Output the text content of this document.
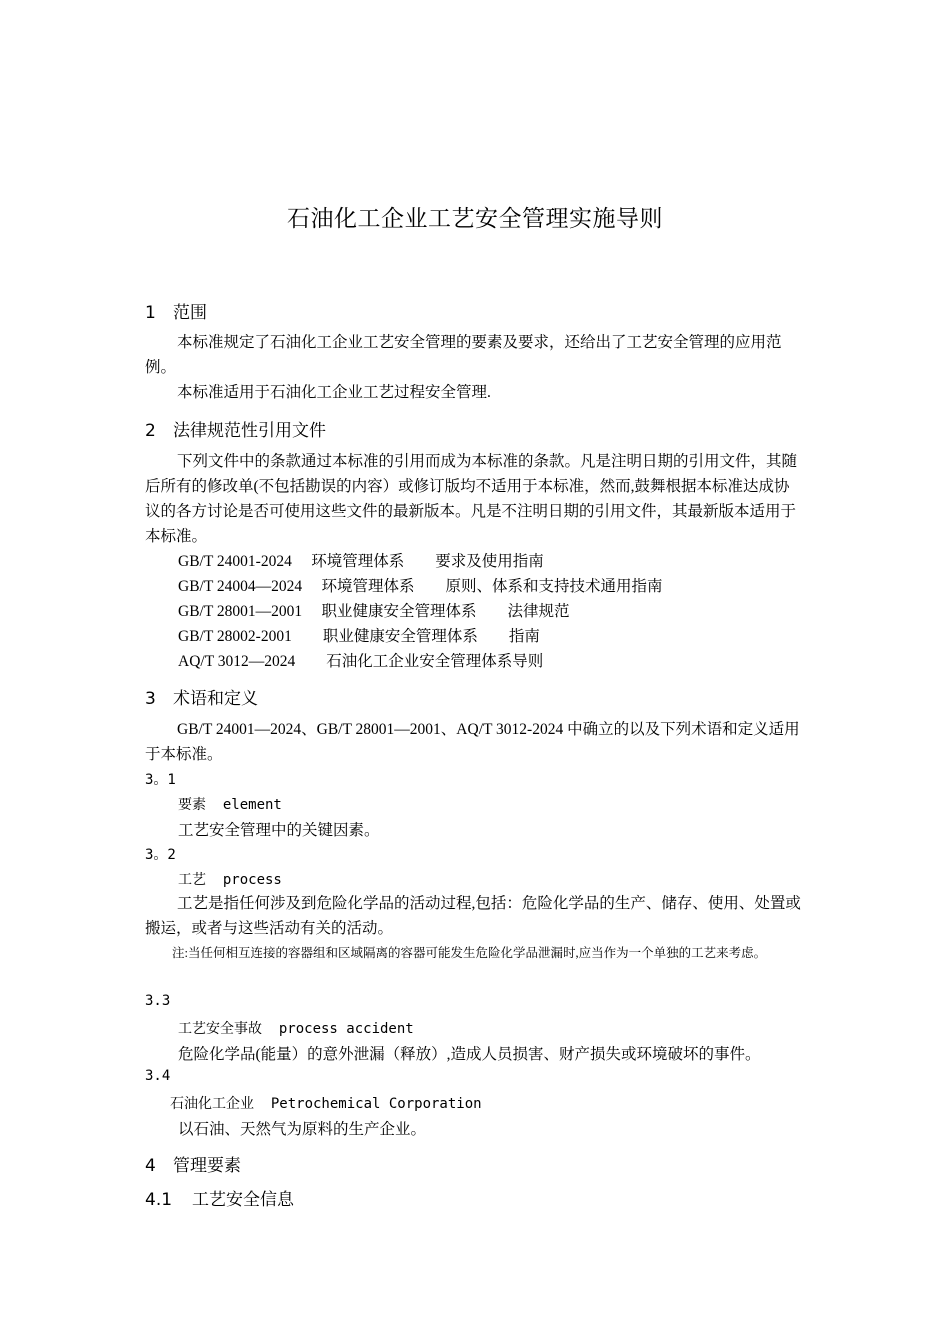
石油化工企业工艺安全管理实施导则
1 范围
本标准规定了石油化工企业工艺安全管理的要素及要求，还给出了工艺安全管理的应用范例。
本标准适用于石油化工企业工艺过程安全管理.
2 法律规范性引用文件
下列文件中的条款通过本标准的引用而成为本标准的条款。凡是注明日期的引用文件，其随后所有的修改单(不包括勘误的内容）或修订版均不适用于本标准，然而,鼓舞根据本标准达成协议的各方讨论是否可使用这些文件的最新版本。凡是不注明日期的引用文件，其最新版本适用于本标准。
GB/T 24001-2024     环境管理体系        要求及使用指南
GB/T 24004—2024     环境管理体系        原则、体系和支持技术通用指南
GB/T 28001—2001     职业健康安全管理体系        法律规范
GB/T 28002-2001        职业健康安全管理体系        指南
AQ/T 3012—2024        石油化工企业安全管理体系导则
3 术语和定义
GB/T 24001—2024、GB/T 28001—2001、AQ/T 3012-2024 中确立的以及下列术语和定义适用于本标准。
3。1
要素 element
工艺安全管理中的关键因素。
3。2
工艺 process
工艺是指任何涉及到危险化学品的活动过程,包括：危险化学品的生产、储存、使用、处置或搬运，或者与这些活动有关的活动。
注:当任何相互连接的容器组和区域隔离的容器可能发生危险化学品泄漏时,应当作为一个单独的工艺来考虑。
3.3
工艺安全事故 process accident
危险化学品(能量）的意外泄漏（释放）,造成人员损害、财产损失或环境破坏的事件。
3.4
石油化工企业 Petrochemical Corporation
以石油、天然气为原料的生产企业。
4 管理要素
4.1 工艺安全信息
